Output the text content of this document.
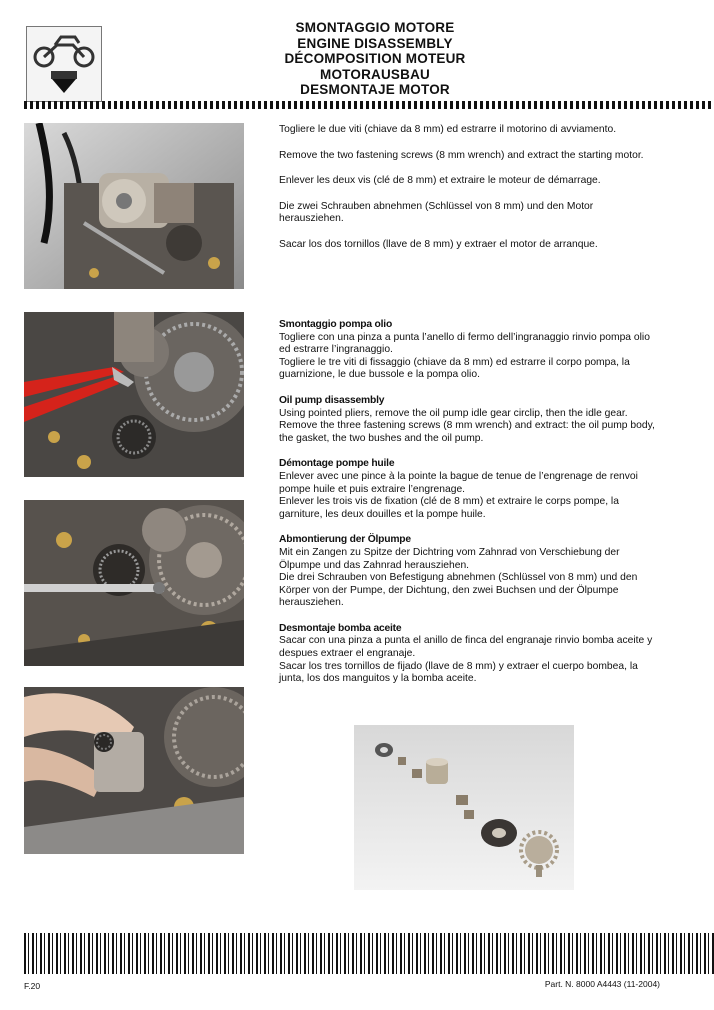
SMONTAGGIO MOTORE
ENGINE DISASSEMBLY
DÉCOMPOSITION MOTEUR
MOTORAUSBAU
DESMONTAJE MOTOR

Togliere le due viti (chiave da 8 mm) ed estrarre il motorino di avviamento.

Remove the two fastening screws (8 mm wrench) and extract the starting motor.

Enlever les deux vis (clé de 8 mm) et extraire le moteur de démarrage.

Die zwei Schrauben abnehmen (Schlüssel von 8 mm) und den Motor herausziehen.

Sacar los dos tornillos (llave de 8 mm) y extraer el motor de arranque.

Smontaggio pompa olio

Togliere con una pinza a punta l’anello di fermo dell’ingranaggio rinvio pompa olio ed estrarre l’ingranaggio.

Togliere le tre viti di fissaggio (chiave da 8 mm) ed estrarre il corpo pompa, la guarnizione, le due bussole e la pompa olio.

Oil pump disassembly

Using pointed pliers, remove the oil pump idle gear circlip, then the idle gear.

Remove the three fastening screws (8 mm wrench) and extract: the oil pump body, the gasket, the two bushes and the oil pump.

Démontage pompe huile

Enlever avec une pince à la pointe la bague de tenue de l’engrenage de renvoi pompe huile et puis extraire l’engrenage.

Enlever les trois vis de fixation (clé de 8 mm) et extraire le corps pompe, la garniture, les deux douilles et la pompe huile.

Abmontierung der Ölpumpe

Mit ein Zangen zu Spitze der Dichtring vom Zahnrad von Verschiebung der Ölpumpe und das Zahnrad herausziehen.

Die drei Schrauben von Befestigung abnehmen (Schlüssel von 8 mm) und den Körper von der Pumpe, der Dichtung, den zwei Buchsen und der Ölpumpe herausziehen.

Desmontaje bomba aceite

Sacar con una pinza a punta el anillo de finca del engranaje rinvio bomba aceite y despues extraer el engranaje.

Sacar los tres tornillos de fijado (llave de 8 mm) y extraer el cuerpo bombea, la junta, los dos manguitos y la bomba aceite.

F.20	Part. N. 8000 A4443 (11-2004)
